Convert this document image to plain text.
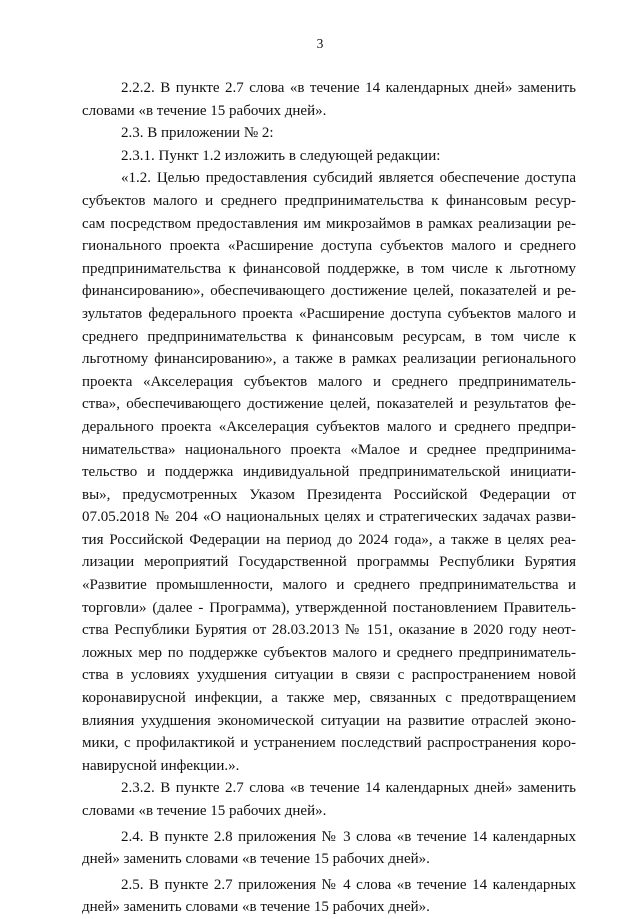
3
2.2.2. В пункте 2.7 слова «в течение 14 календарных дней» заменить
словами «в течение 15 рабочих дней».
2.3. В приложении № 2:
2.3.1. Пункт 1.2 изложить в следующей редакции:
«1.2. Целью предоставления субсидий является обеспечение доступа
субъектов малого и среднего предпринимательства к финансовым ресур-
сам посредством предоставления им микрозаймов в рамках реализации ре-
гионального проекта «Расширение доступа субъектов малого и среднего
предпринимательства к финансовой поддержке, в том числе к льготному
финансированию», обеспечивающего достижение целей, показателей и ре-
зультатов федерального проекта «Расширение доступа субъектов малого и
среднего предпринимательства к финансовым ресурсам, в том числе к
льготному финансированию», а также в рамках реализации регионального
проекта «Акселерация субъектов малого и среднего предприниматель-
ства», обеспечивающего достижение целей, показателей и результатов фе-
дерального проекта «Акселерация субъектов малого и среднего предпри-
нимательства» национального проекта «Малое и среднее предпринима-
тельство и поддержка индивидуальной предпринимательской инициати-
вы», предусмотренных Указом Президента Российской Федерации от
07.05.2018 № 204 «О национальных целях и стратегических задачах разви-
тия Российской Федерации на период до 2024 года», а также в целях реа-
лизации мероприятий Государственной программы Республики Бурятия
«Развитие промышленности, малого и среднего предпринимательства и
торговли» (далее - Программа), утвержденной постановлением Правитель-
ства Республики Бурятия от 28.03.2013 № 151, оказание в 2020 году неот-
ложных мер по поддержке субъектов малого и среднего предприниматель-
ства в условиях ухудшения ситуации в связи с распространением новой
коронавирусной инфекции, а также мер, связанных с предотвращением
влияния ухудшения экономической ситуации на развитие отраслей эконо-
мики, с профилактикой и устранением последствий распространения коро-
навирусной инфекции.».
2.3.2. В пункте 2.7 слова «в течение 14 календарных дней» заменить
словами «в течение 15 рабочих дней».
2.4. В пункте 2.8 приложения № 3 слова «в течение 14 календарных
дней» заменить словами «в течение 15 рабочих дней».
2.5. В пункте 2.7 приложения № 4 слова «в течение 14 календарных
дней» заменить словами «в течение 15 рабочих дней».
